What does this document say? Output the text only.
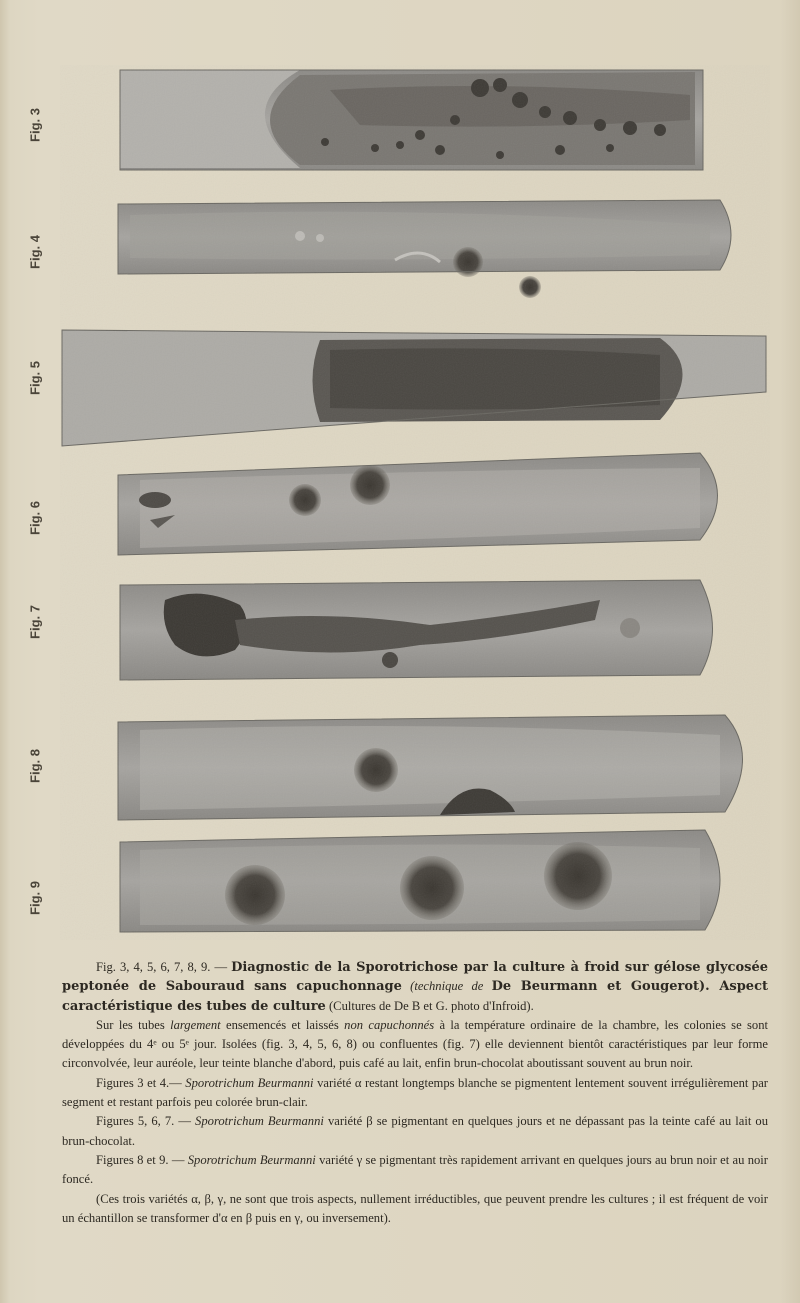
Fig. 3
Fig. 4
Fig. 5
Fig. 6
Fig. 7
Fig. 8
Fig. 9

Fig. 3, 4, 5, 6, 7, 8, 9. — Diagnostic de la Sporotrichose par la culture à froid sur gélose glycosée peptonée de Sabouraud sans capuchonnage (technique de De Beurmann et Gougerot). Aspect caractéristique des tubes de culture (Cultures de De B et G. photo d'Infroid).

Sur les tubes largement ensemencés et laissés non capuchonnés à la température ordinaire de la chambre, les colonies se sont développées du 4ᵉ ou 5ᵉ jour. Isolées (fig. 3, 4, 5, 6, 8) ou confluentes (fig. 7) elle deviennent bientôt caractéristiques par leur forme circonvolvée, leur auréole, leur teinte blanche d'abord, puis café au lait, enfin brun-chocolat aboutissant souvent au brun noir.

Figures 3 et 4.— Sporotrichum Beurmanni variété α restant longtemps blanche se pigmentent lentement souvent irrégulièrement par segment et restant parfois peu colorée brun-clair.

Figures 5, 6, 7. — Sporotrichum Beurmanni variété β se pigmentant en quelques jours et ne dépassant pas la teinte café au lait ou brun-chocolat.

Figures 8 et 9. — Sporotrichum Beurmanni variété γ se pigmentant très rapidement arrivant en quelques jours au brun noir et au noir foncé.

(Ces trois variétés α, β, γ, ne sont que trois aspects, nullement irréductibles, que peuvent prendre les cultures ; il est fréquent de voir un échantillon se transformer d'α en β puis en γ, ou inversement).
